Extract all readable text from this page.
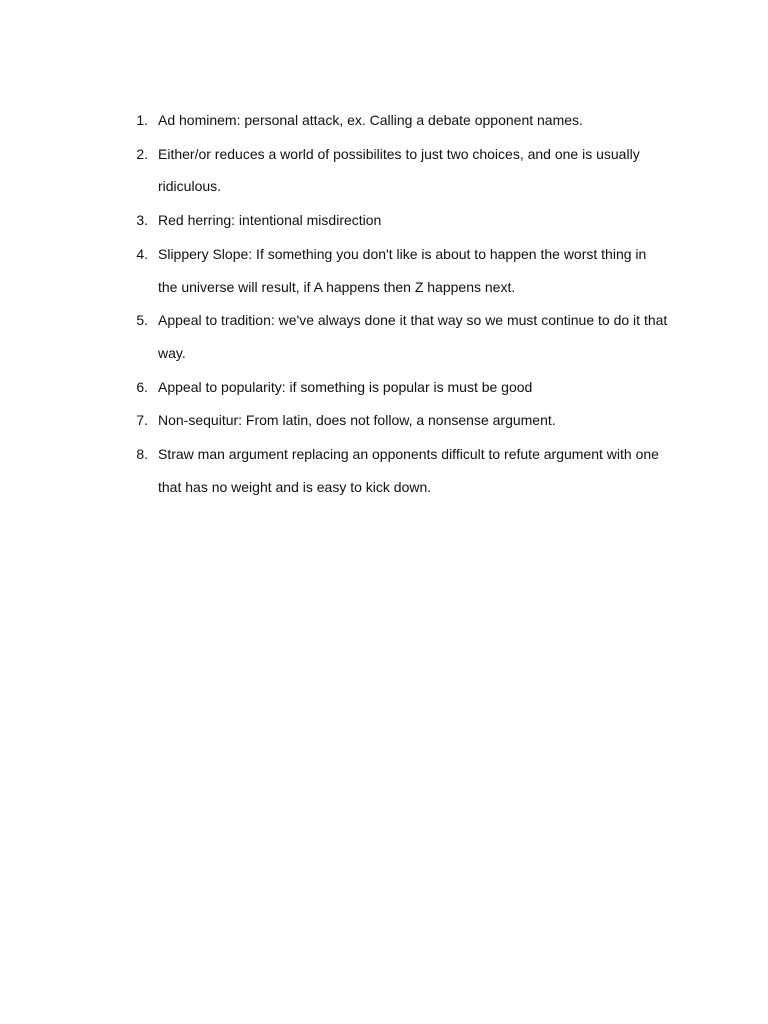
1. Ad hominem: personal attack, ex. Calling a debate opponent names.
2. Either/or reduces a world of possibilites to just two choices, and one is usually ridiculous.
3. Red herring: intentional misdirection
4. Slippery Slope: If something you don't like is about to happen the worst thing in the universe will result, if A happens then Z happens next.
5. Appeal to tradition: we've always done it that way so we must continue to do it that way.
6. Appeal to popularity: if something is popular is must be good
7. Non-sequitur: From latin, does not follow, a nonsense argument.
8. Straw man argument replacing an opponents difficult to refute argument with one that has no weight and is easy to kick down.
